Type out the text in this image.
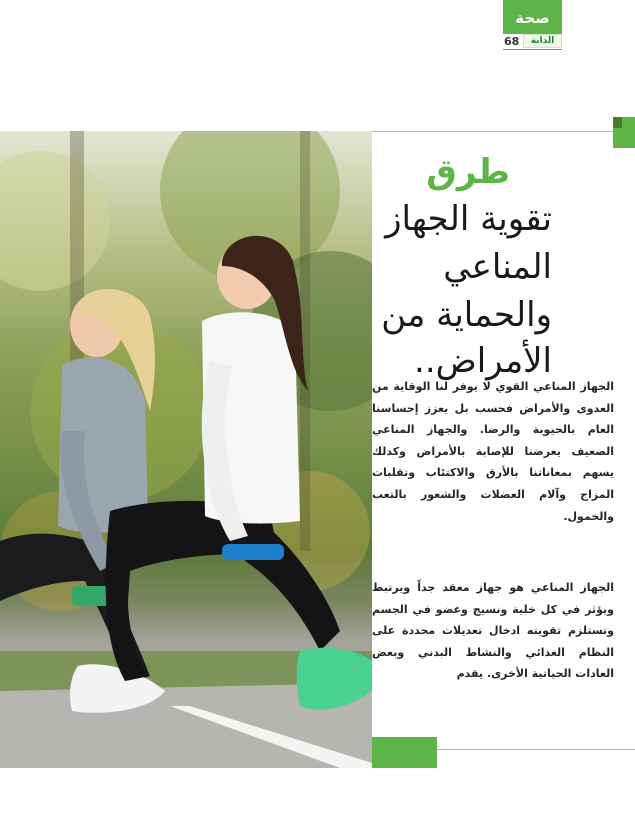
صحة
68 الدانة
طرق
تقوية الجهاز
المناعي
والحماية من
الأمراض..
الجهاز المناعي القوي لا يوفر لنا الوقاية من العدوى والأمراض فحسب بل يعزز إحساسنا العام بالحيوية والرضا. والجهاز المناعي الضعيف يعرضنا للإصابة بالأمراض وكذلك يسهم بمعاناتنا بالأرق والاكتئاب وتقلبات المزاج وآلام العضلات والشعور بالتعب والخمول.
الجهاز المناعي هو جهاز معقد جداً ويرتبط ويؤثر في كل خلية ونسيج وعضو في الجسم وتستلزم تقويته ادخال تعديلات محددة على النظام الغذائي والنشاط البدني وبعض العادات الحياتية الأخرى. يقدم
